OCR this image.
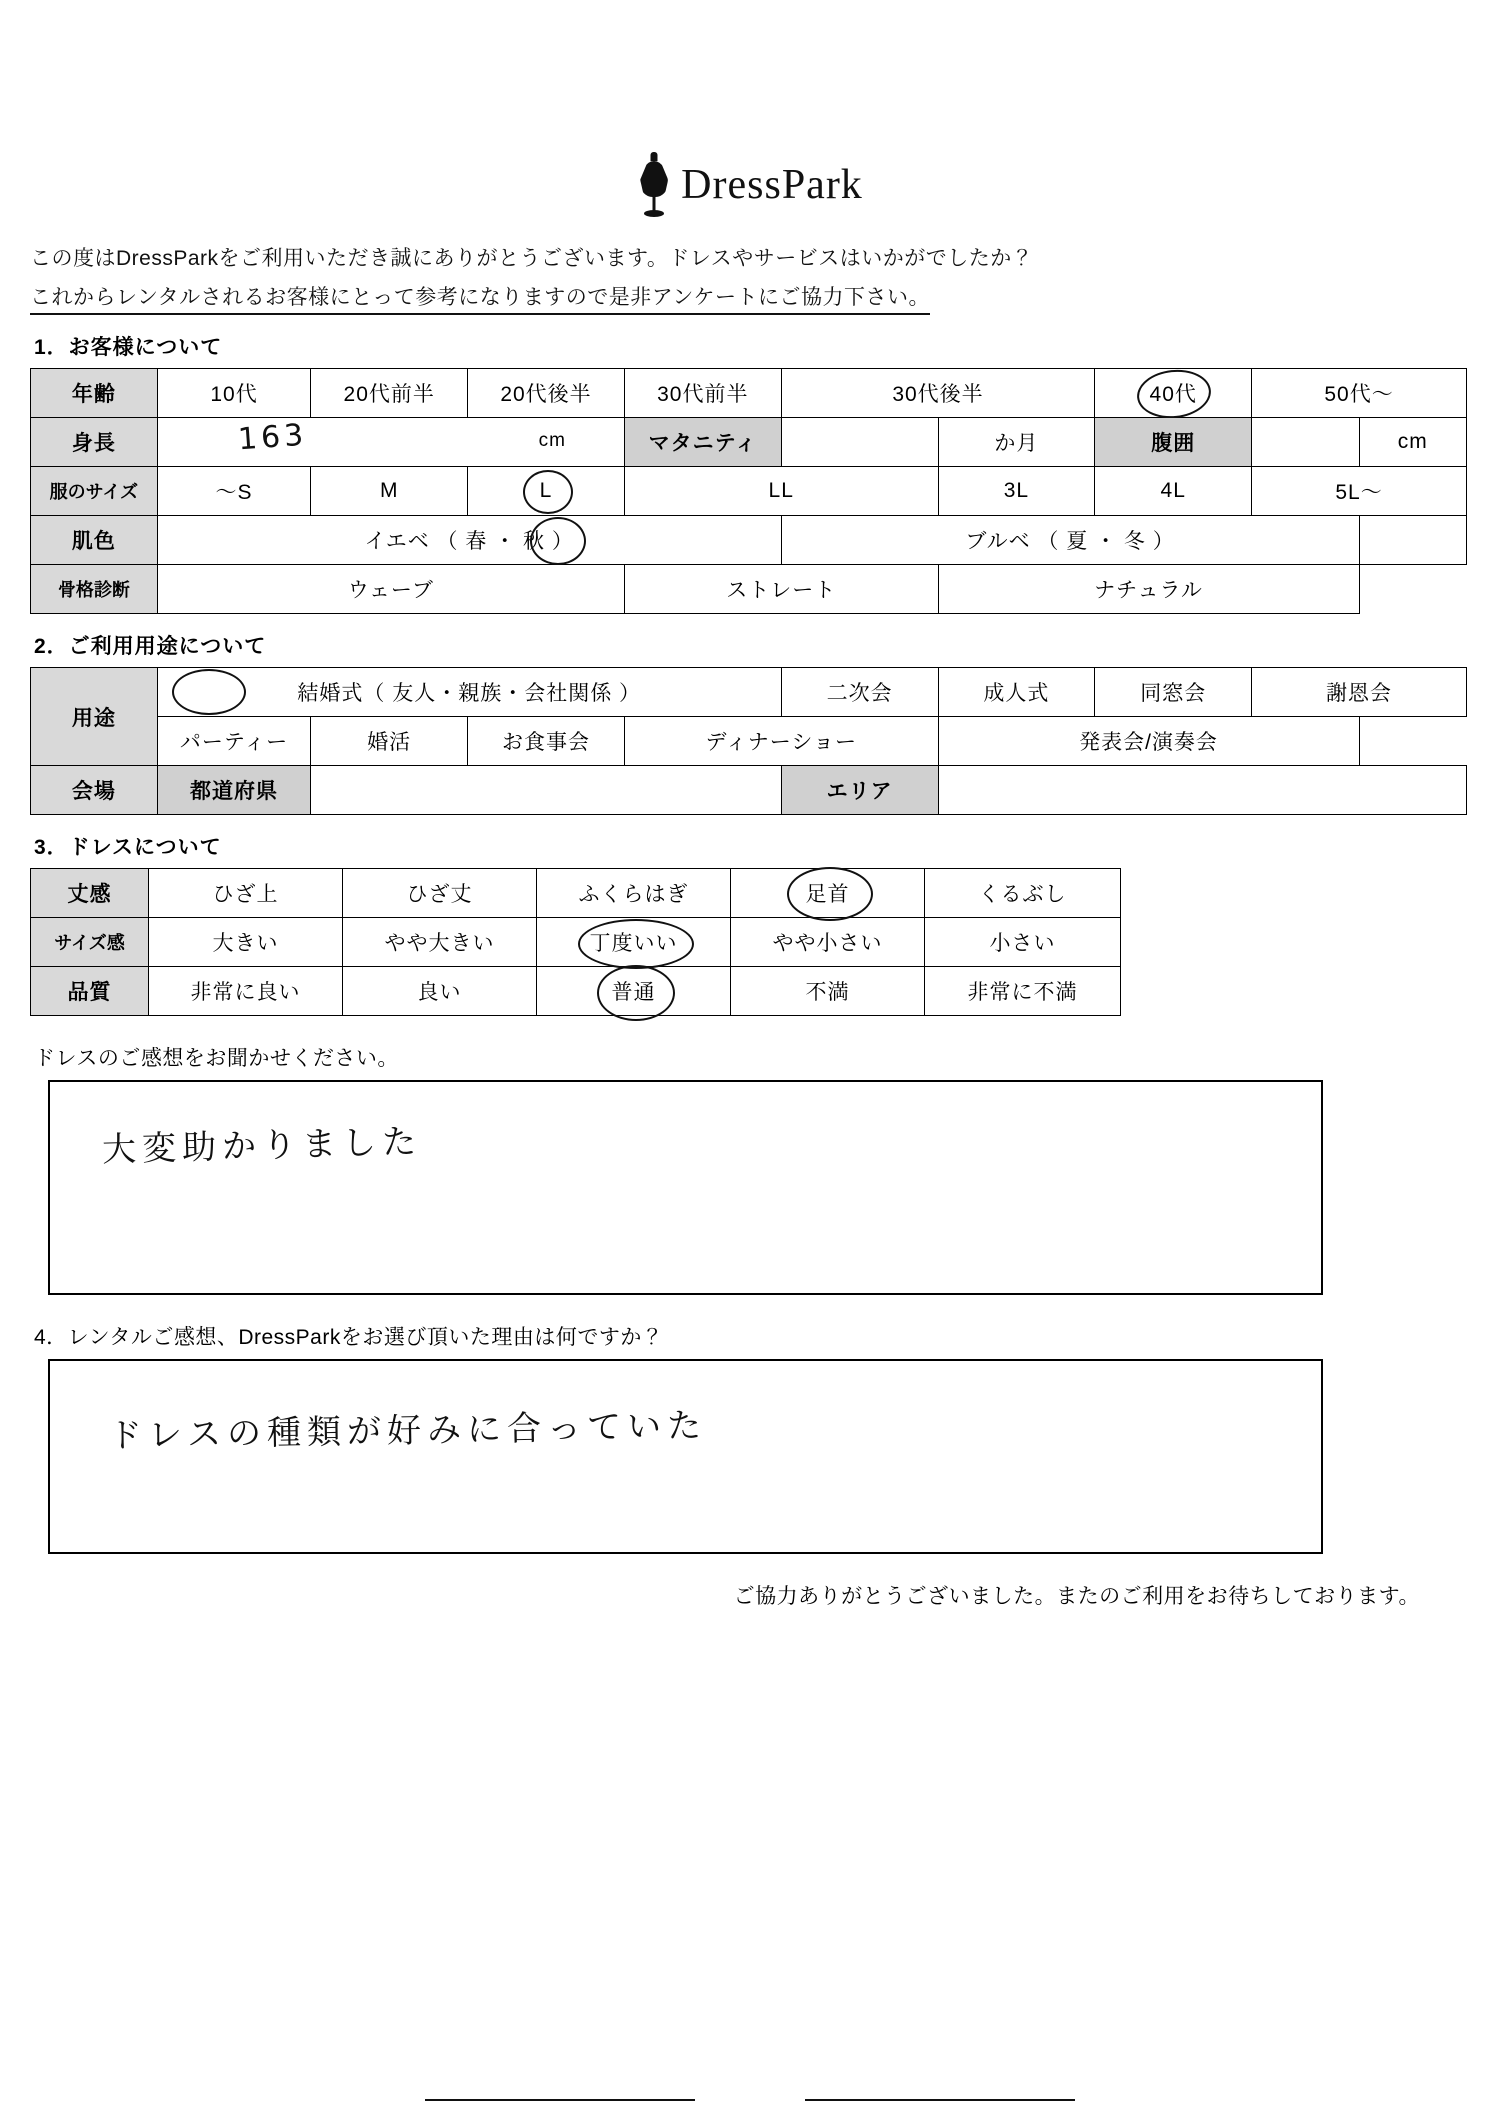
DressPark
この度はDressParkをご利用いただき誠にありがとうございます。ドレスやサービスはいかがでしたか？
これからレンタルされるお客様にとって参考になりますので是非アンケートにご協力下さい。
1．お客様について
年齢	10代	20代前半	20代後半	30代前半	30代後半		40代	50代～	
身長	163 cm			マタニティ		か月	腹囲		cm
服のサイズ	～S	M	L	LL		3L	4L	5L～	
肌色	イエベ （ 春 ・ 秋 ）				ブルベ （ 夏 ・ 冬 ）				
骨格診断	ウェーブ			ストレート		ナチュラル			
2．ご利用用途について
用途	結婚式（ 友人・親族・会社関係 ）				二次会	成人式	同窓会	謝恩会
	パーティー	婚活	お食事会	ディナーショー		発表会/演奏会		
会場	都道府県				エリア			
3．ドレスについて
丈感	ひざ上	ひざ丈	ふくらはぎ	足首	くるぶし
サイズ感	大きい	やや大きい	丁度いい	やや小さい	小さい
品質	非常に良い	良い	普通	不満	非常に不満
ドレスのご感想をお聞かせください。
大変助かりました
4．レンタルご感想、DressParkをお選び頂いた理由は何ですか？
ドレスの種類が好みに合っていた
ご協力ありがとうございました。またのご利用をお待ちしております。
